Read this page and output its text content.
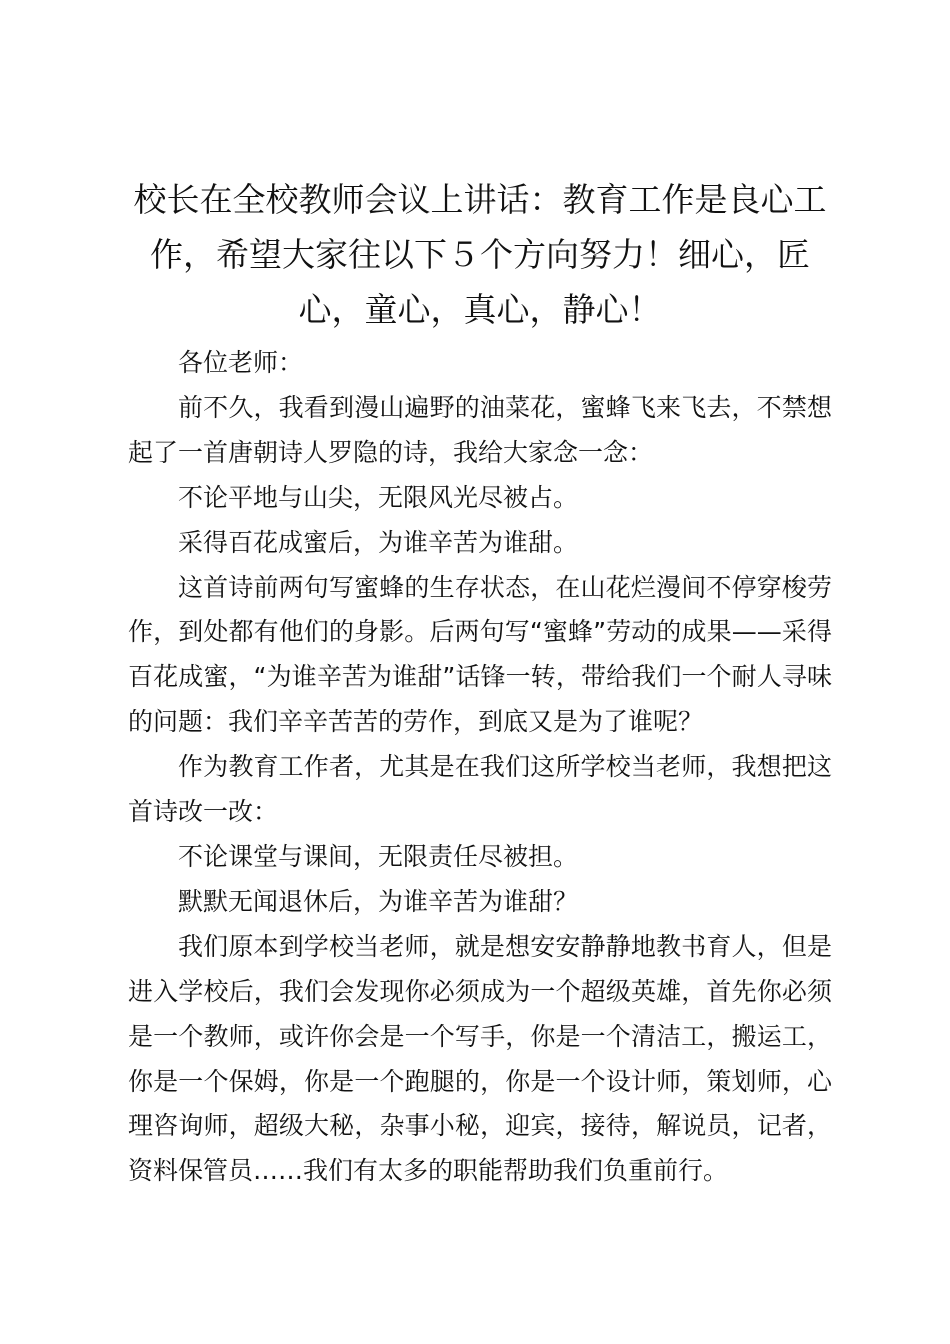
校长在全校教师会议上讲话：教育工作是良心工作，希望大家往以下５个方向努力！细心，匠心，童心，真心，静心！

各位老师：

前不久，我看到漫山遍野的油菜花，蜜蜂飞来飞去，不禁想起了一首唐朝诗人罗隐的诗，我给大家念一念：

不论平地与山尖，无限风光尽被占。

采得百花成蜜后，为谁辛苦为谁甜。

这首诗前两句写蜜蜂的生存状态，在山花烂漫间不停穿梭劳作，到处都有他们的身影。后两句写“蜜蜂”劳动的成果——采得百花成蜜，“为谁辛苦为谁甜”话锋一转，带给我们一个耐人寻味的问题：我们辛辛苦苦的劳作，到底又是为了谁呢？

作为教育工作者，尤其是在我们这所学校当老师，我想把这首诗改一改：

不论课堂与课间，无限责任尽被担。

默默无闻退休后，为谁辛苦为谁甜？

我们原本到学校当老师，就是想安安静静地教书育人，但是进入学校后，我们会发现你必须成为一个超级英雄，首先你必须是一个教师，或许你会是一个写手，你是一个清洁工，搬运工，你是一个保姆，你是一个跑腿的，你是一个设计师，策划师，心理咨询师，超级大秘，杂事小秘，迎宾，接待，解说员，记者，资料保管员……我们有太多的职能帮助我们负重前行。
